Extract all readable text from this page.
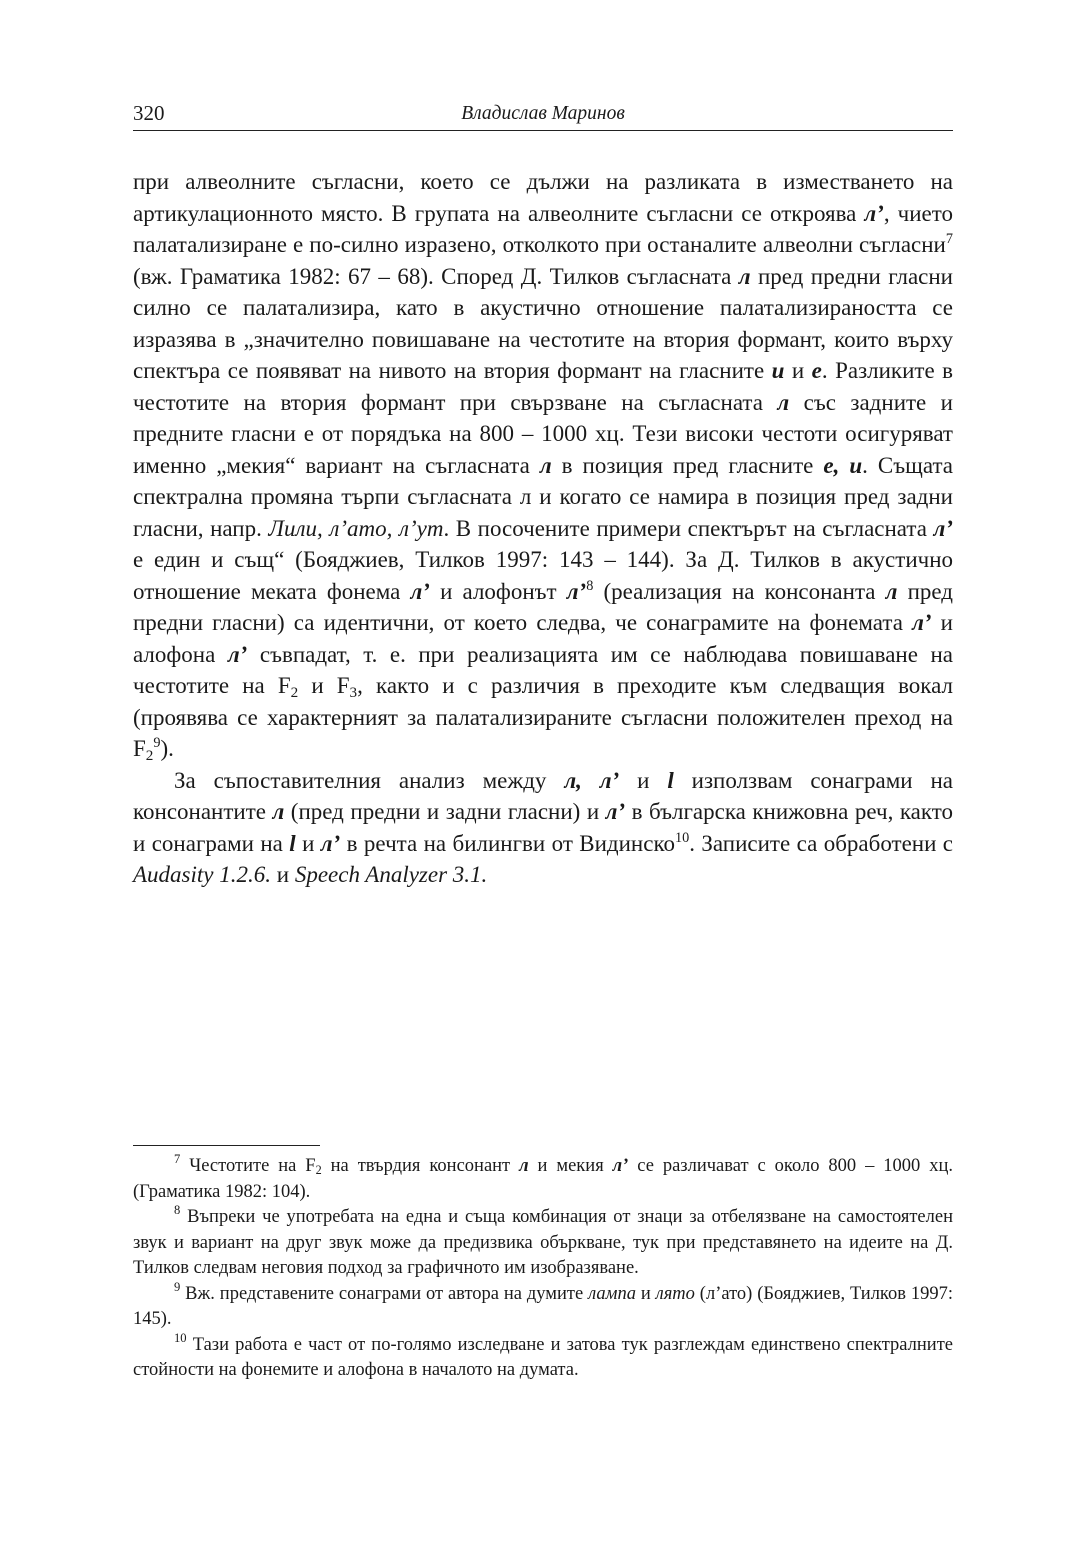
320	Владислав Маринов

при алвеолните съгласни, което се дължи на разликата в изместването на артикулационното място. В групата на алвеолните съгласни се откроява л’, чието палатализиране е по-силно изразено, отколкото при останалите алвеолни съгласни$^7$ (вж. Граматика 1982: 67 – 68). Според Д. Тилков съгласната л пред предни гласни силно се палатализира, като в акустично отношение палатализираността се изразява в „значително повишаване на честотите на втория формант, които върху спектъра се появяват на нивото на втория формант на гласните и и е. Разликите в честотите на втория формант при свързване на съгласната л със задните и предните гласни е от порядъка на 800 – 1000 хц. Тези високи честоти осигуряват именно „мекия“ вариант на съгласната л в позиция пред гласните е, и. Същата спектрална промяна търпи съгласната л и когато се намира в позиция пред задни гласни, напр. Лили, л’ато, л’ут. В посочените примери спектърът на съгласната л’ е един и същ“ (Бояджиев, Тилков 1997: 143 – 144). За Д. Тилков в акустично отношение меката фонема л’ и алофонът л’$^8$ (реализация на консонанта л пред предни гласни) са идентични, от което следва, че сонаграмите на фонемата л’ и алофона л’ съвпадат, т. е. при реализацията им се наблюдава повишаване на честотите на $F_2$ и $F_3$, както и с различия в преходите към следващия вокал (проявява се характерният за палатализираните съгласни положителен преход на $F_2^9$).

За съпоставителния анализ между л, л’ и l използвам сонаграми на консонантите л (пред предни и задни гласни) и л’ в българска книжовна реч, както и сонаграми на l и л’ в речта на билингви от Видинско$^{10}$. Записите са обработени с Audasity 1.2.6. и Speech Analyzer 3.1.

$^7$ Честотите на $F_2$ на твърдия консонант л и мекия л’ се различават с около 800 – 1000 хц. (Граматика 1982: 104).

$^8$ Въпреки че употребата на една и съща комбинация от знаци за отбелязване на самостоятелен звук и вариант на друг звук може да предизвика объркване, тук при представянето на идеите на Д. Тилков следвам неговия подход за графичното им изобразяване.

$^9$ Вж. представените сонаграми от автора на думите лампа и лято (л’ато) (Бояджиев, Тилков 1997: 145).

$^{10}$ Тази работа е част от по-голямо изследване и затова тук разглеждам единствено спектралните стойности на фонемите и алофона в началото на думата.
